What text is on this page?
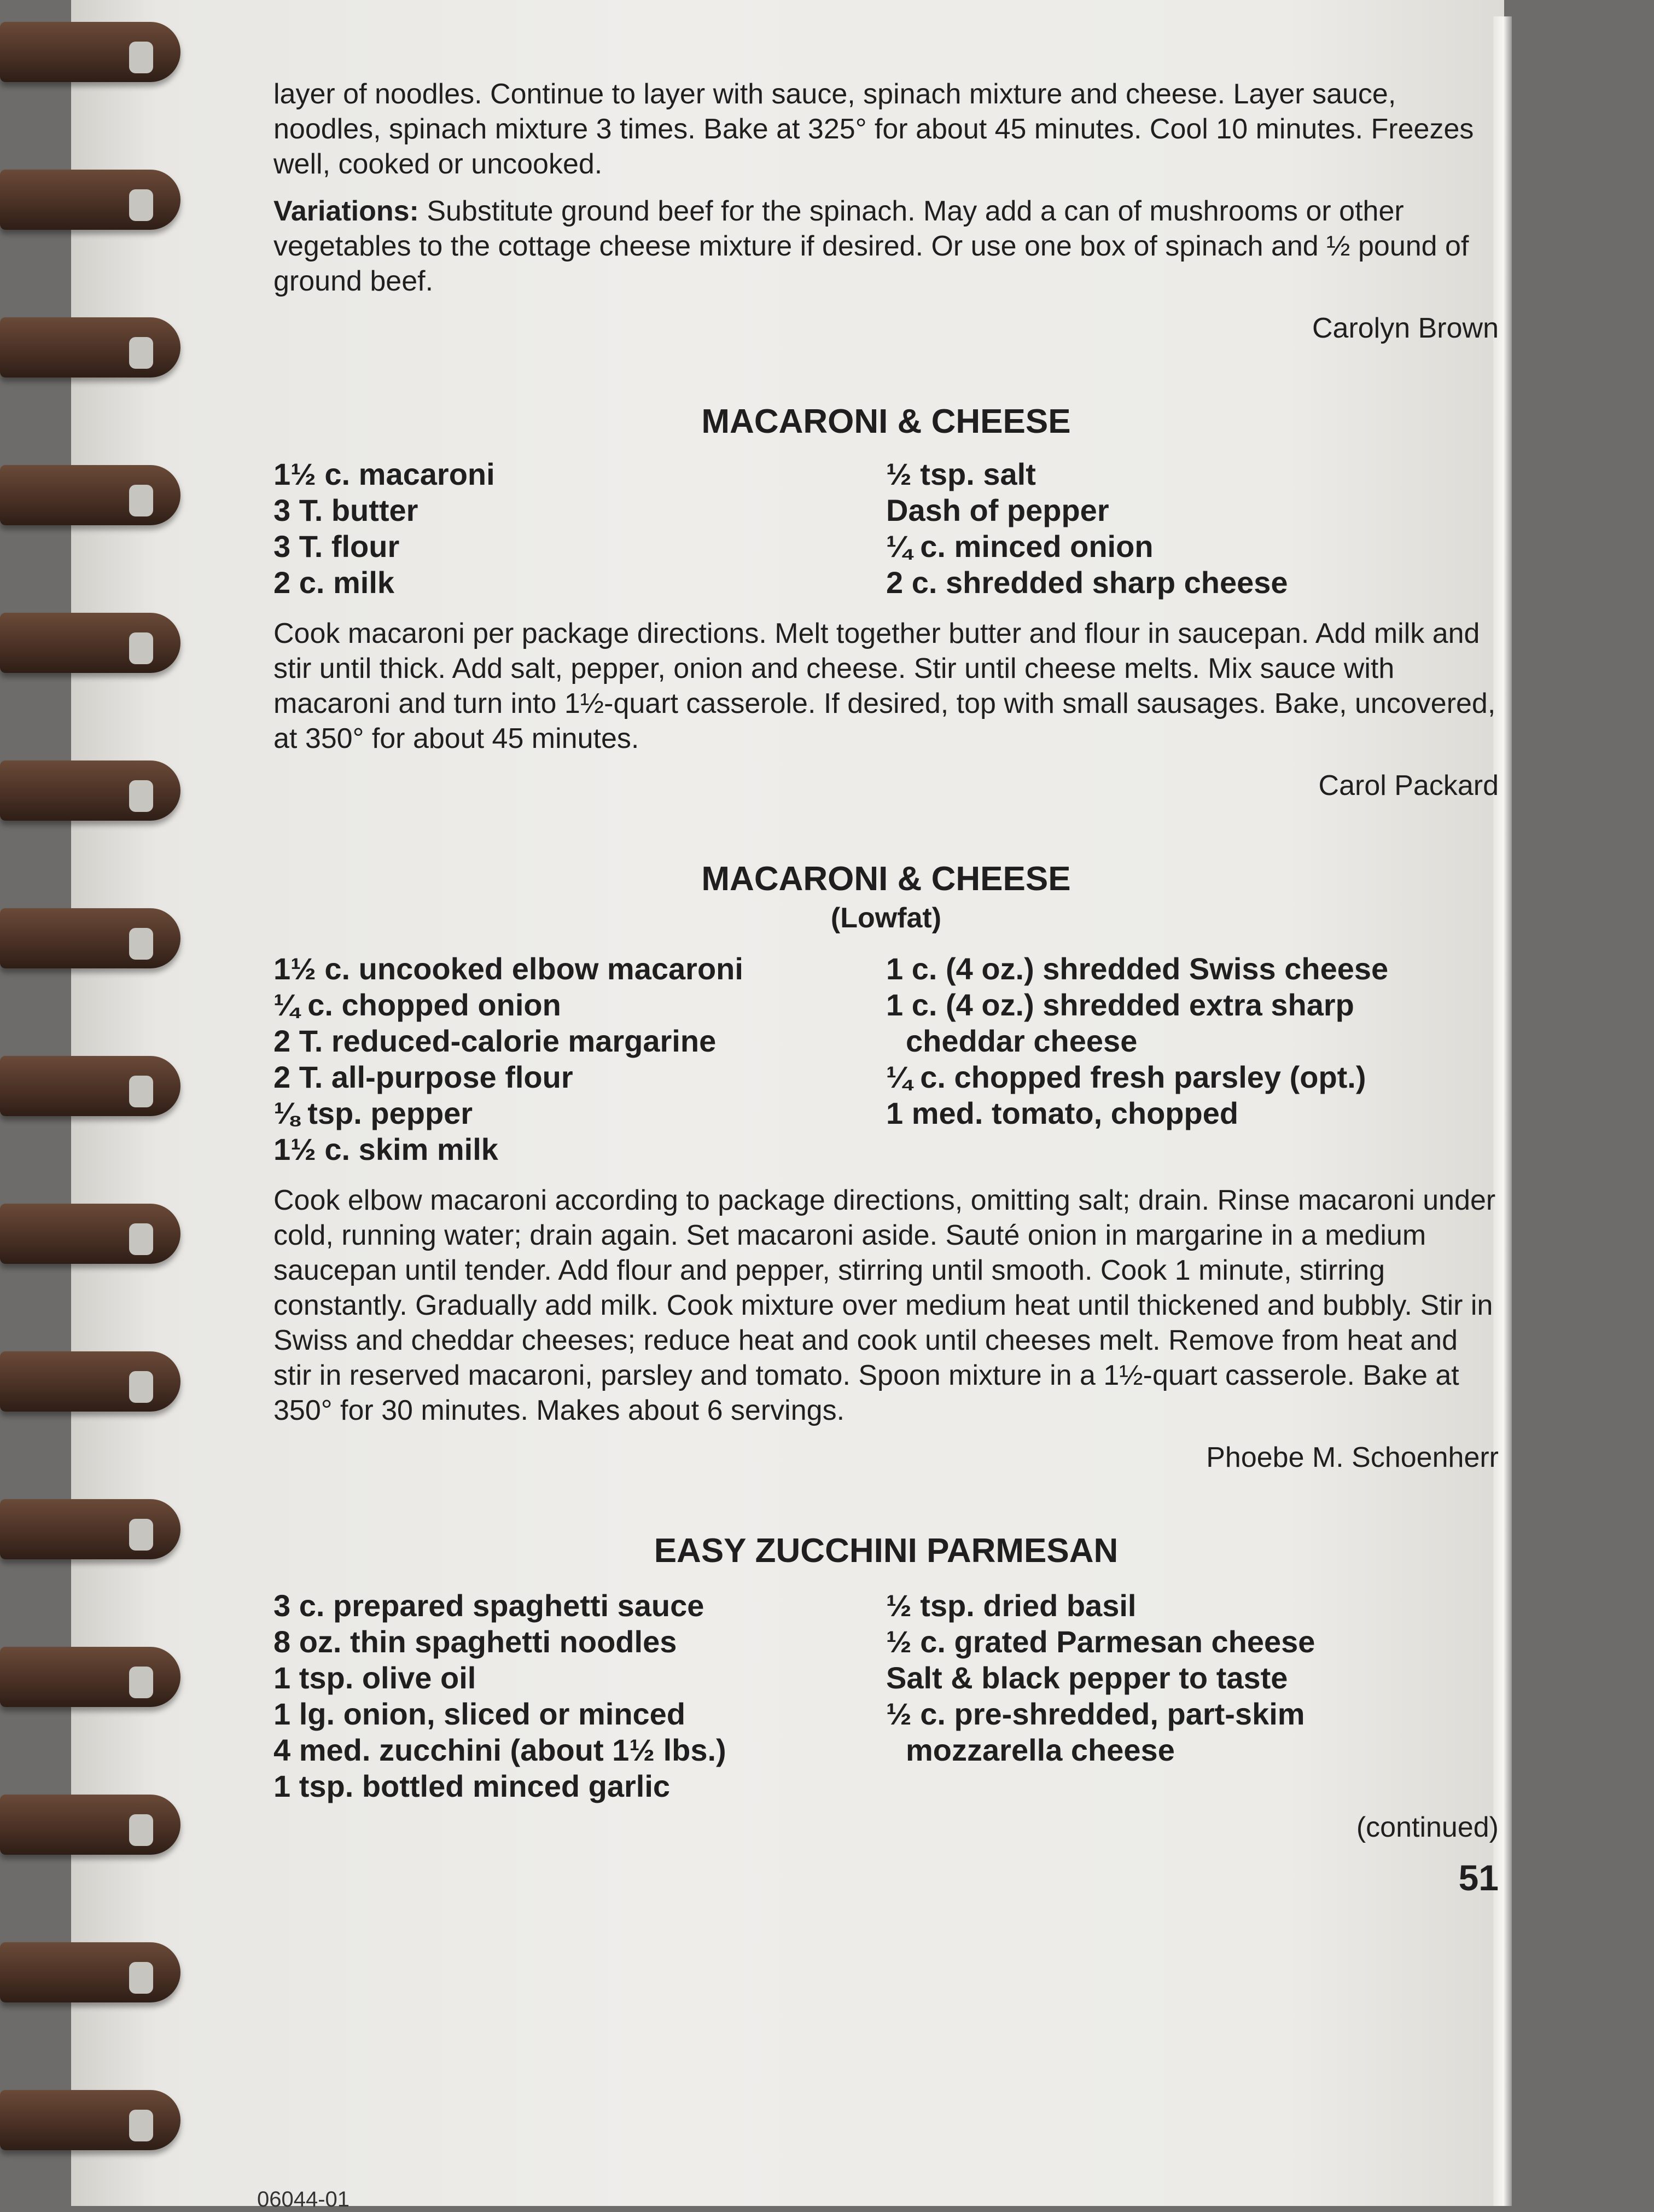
layer of noodles. Continue to layer with sauce, spinach mixture and cheese. Layer sauce, noodles, spinach mixture 3 times. Bake at 325° for about 45 minutes. Cool 10 minutes. Freezes well, cooked or uncooked.

Variations: Substitute ground beef for the spinach. May add a can of mushrooms or other vegetables to the cottage cheese mixture if desired. Or use one box of spinach and ½ pound of ground beef.

Carolyn Brown

MACARONI & CHEESE

1½ c. macaroni

3 T. butter

3 T. flour

2 c. milk

½ tsp. salt

Dash of pepper

¼ c. minced onion

2 c. shredded sharp cheese

Cook macaroni per package directions. Melt together butter and flour in saucepan. Add milk and stir until thick. Add salt, pepper, onion and cheese. Stir until cheese melts. Mix sauce with macaroni and turn into 1½-quart casserole. If desired, top with small sausages. Bake, uncovered, at 350° for about 45 minutes.

Carol Packard

MACARONI & CHEESE

(Lowfat)

1½ c. uncooked elbow macaroni

¼ c. chopped onion

2 T. reduced-calorie margarine

2 T. all-purpose flour

⅛ tsp. pepper

1½ c. skim milk

1 c. (4 oz.) shredded Swiss cheese

1 c. (4 oz.) shredded extra sharp

cheddar cheese

¼ c. chopped fresh parsley (opt.)

1 med. tomato, chopped

Cook elbow macaroni according to package directions, omitting salt; drain. Rinse macaroni under cold, running water; drain again. Set macaroni aside. Sauté onion in margarine in a medium saucepan until tender. Add flour and pepper, stirring until smooth. Cook 1 minute, stirring constantly. Gradually add milk. Cook mixture over medium heat until thickened and bubbly. Stir in Swiss and cheddar cheeses; reduce heat and cook until cheeses melt. Remove from heat and stir in reserved macaroni, parsley and tomato. Spoon mixture in a 1½-quart casserole. Bake at 350° for 30 minutes. Makes about 6 servings.

Phoebe M. Schoenherr

EASY ZUCCHINI PARMESAN

3 c. prepared spaghetti sauce

8 oz. thin spaghetti noodles

1 tsp. olive oil

1 lg. onion, sliced or minced

4 med. zucchini (about 1½ lbs.)

1 tsp. bottled minced garlic

½ tsp. dried basil

½ c. grated Parmesan cheese

Salt & black pepper to taste

½ c. pre-shredded, part-skim

mozzarella cheese

(continued)

51

06044-01
